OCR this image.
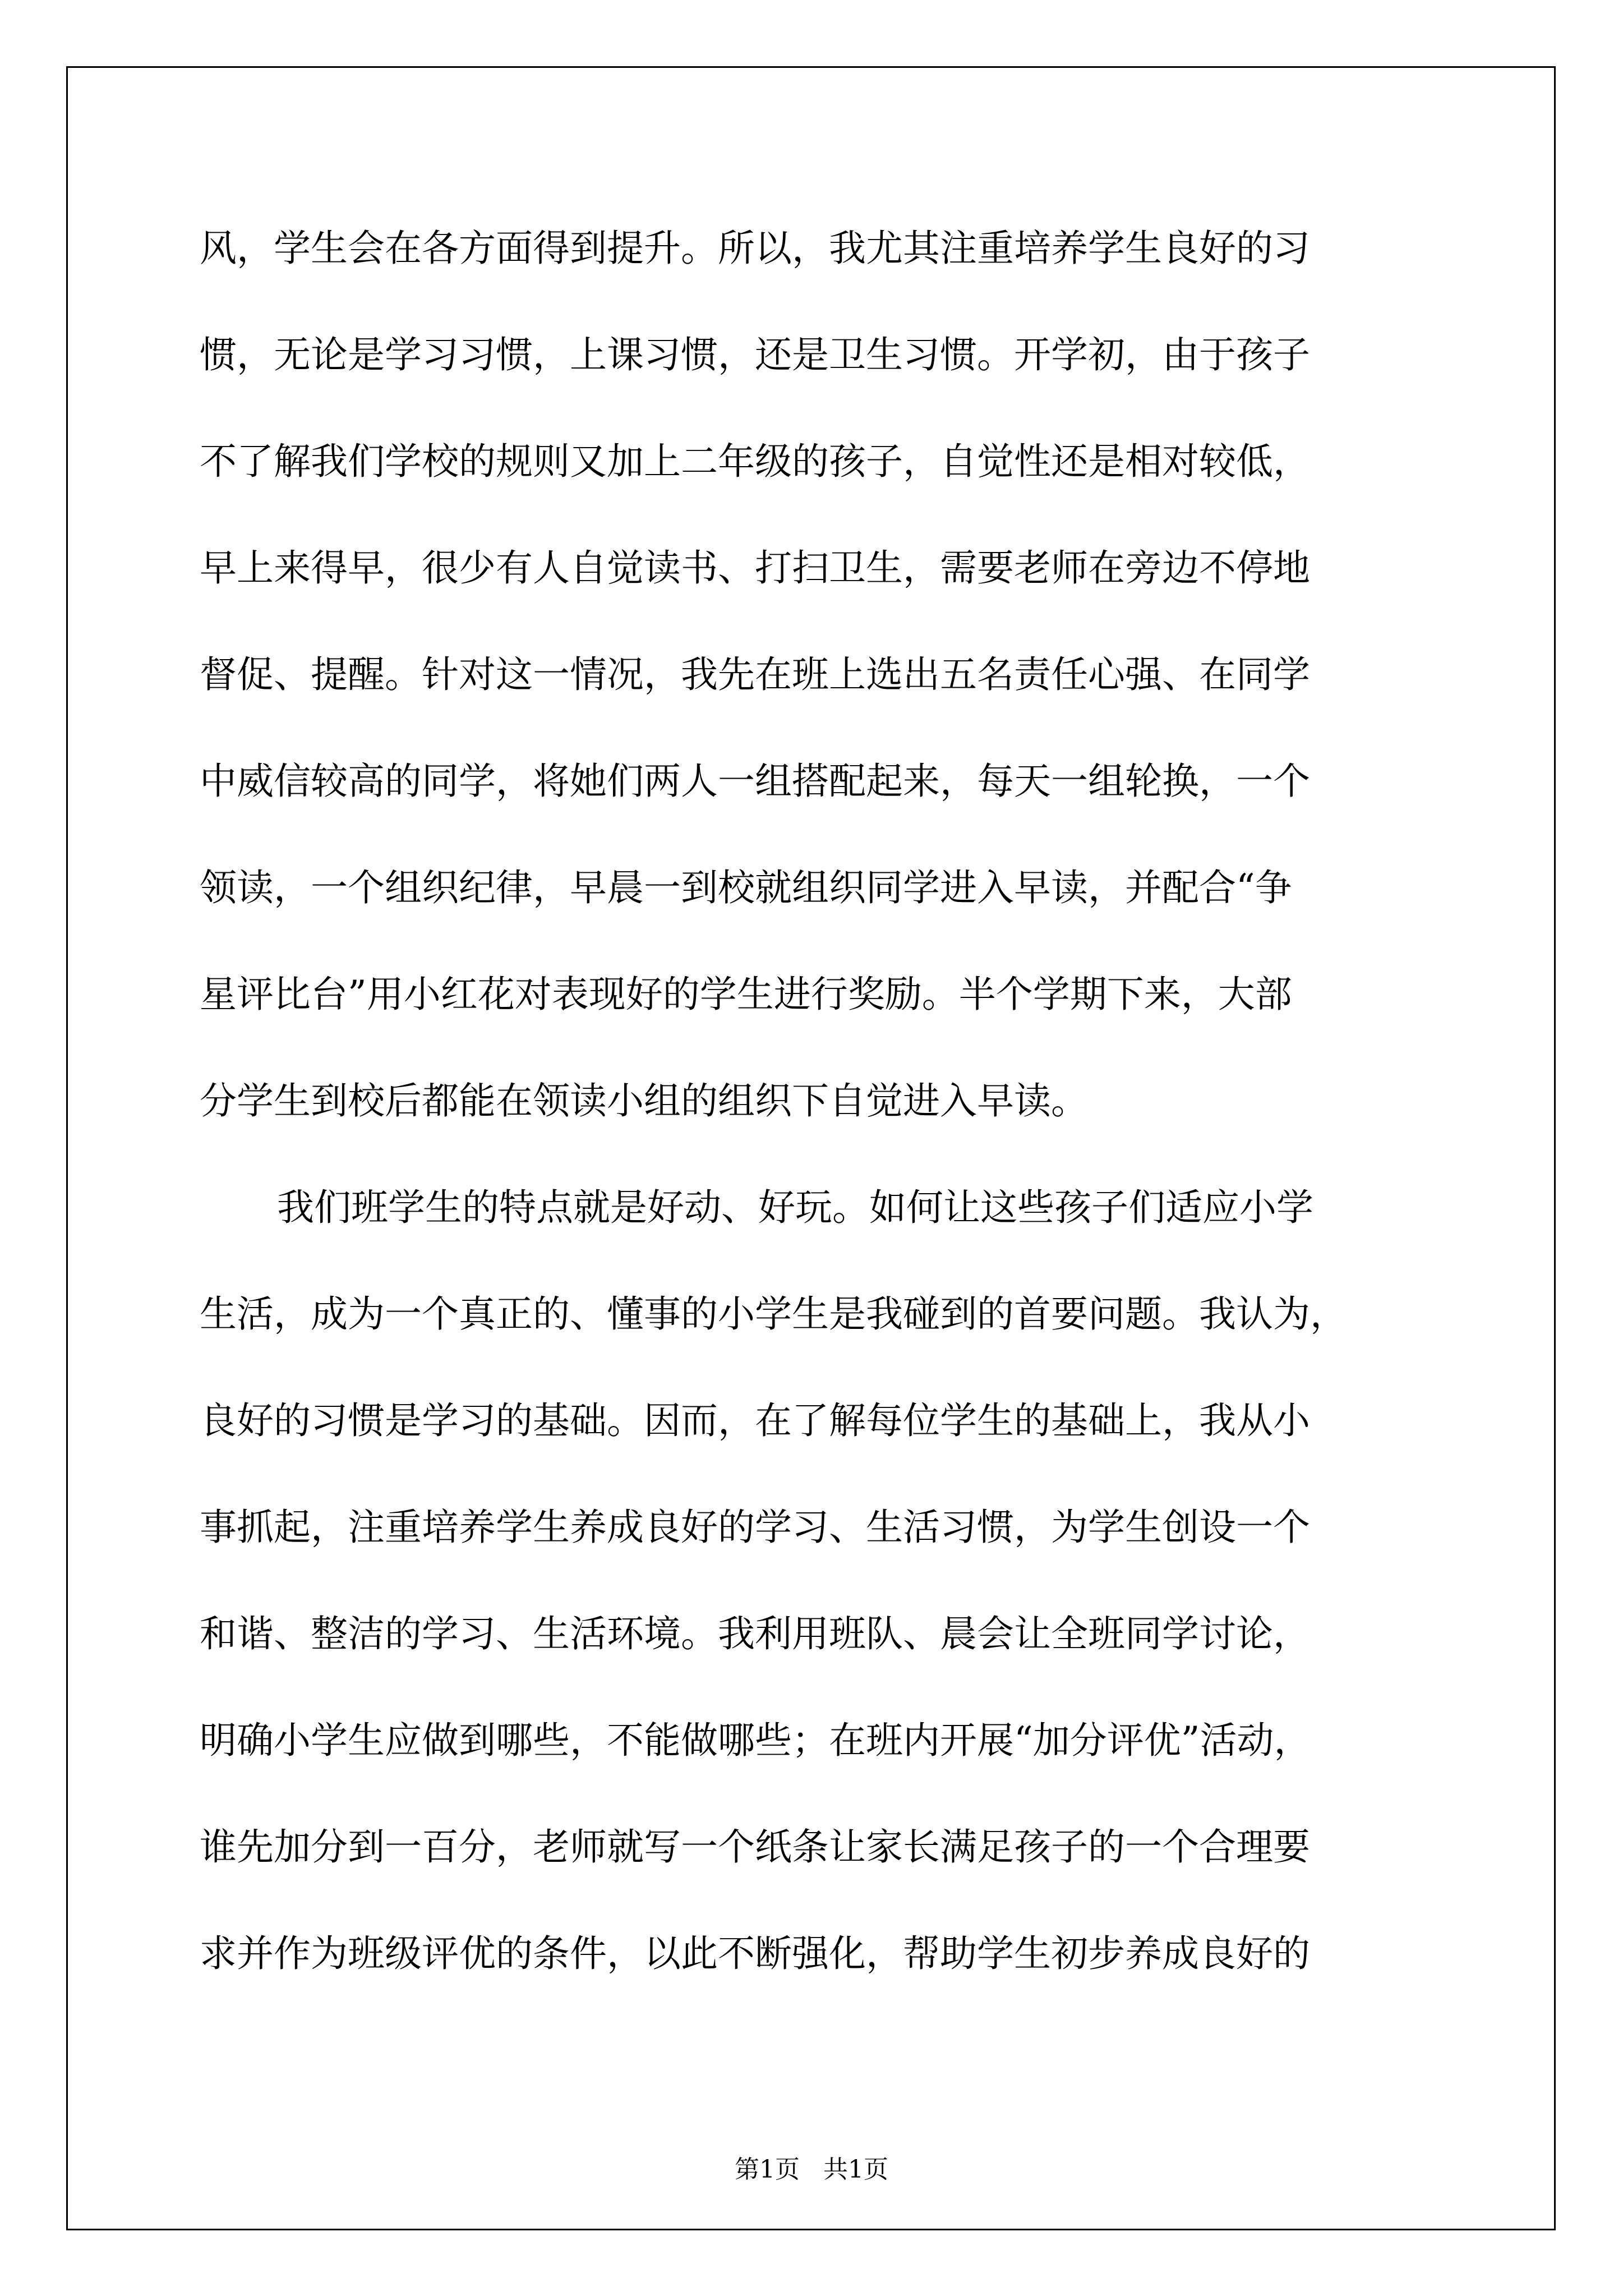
风，学生会在各方面得到提升。所以，我尤其注重培养学生良好的习
惯，无论是学习习惯，上课习惯，还是卫生习惯。开学初，由于孩子
不了解我们学校的规则又加上二年级的孩子，自觉性还是相对较低，
早上来得早，很少有人自觉读书、打扫卫生，需要老师在旁边不停地
督促、提醒。针对这一情况，我先在班上选出五名责任心强、在同学
中威信较高的同学，将她们两人一组搭配起来，每天一组轮换，一个
领读，一个组织纪律，早晨一到校就组织同学进入早读，并配合“争
星评比台”用小红花对表现好的学生进行奖励。半个学期下来，大部
分学生到校后都能在领读小组的组织下自觉进入早读。
我们班学生的特点就是好动、好玩。如何让这些孩子们适应小学
生活，成为一个真正的、懂事的小学生是我碰到的首要问题。我认为，
良好的习惯是学习的基础。因而，在了解每位学生的基础上，我从小
事抓起，注重培养学生养成良好的学习、生活习惯，为学生创设一个
和谐、整洁的学习、生活环境。我利用班队、晨会让全班同学讨论，
明确小学生应做到哪些，不能做哪些；在班内开展“加分评优”活动，
谁先加分到一百分，老师就写一个纸条让家长满足孩子的一个合理要
求并作为班级评优的条件，以此不断强化，帮助学生初步养成良好的
第1页   共1页
